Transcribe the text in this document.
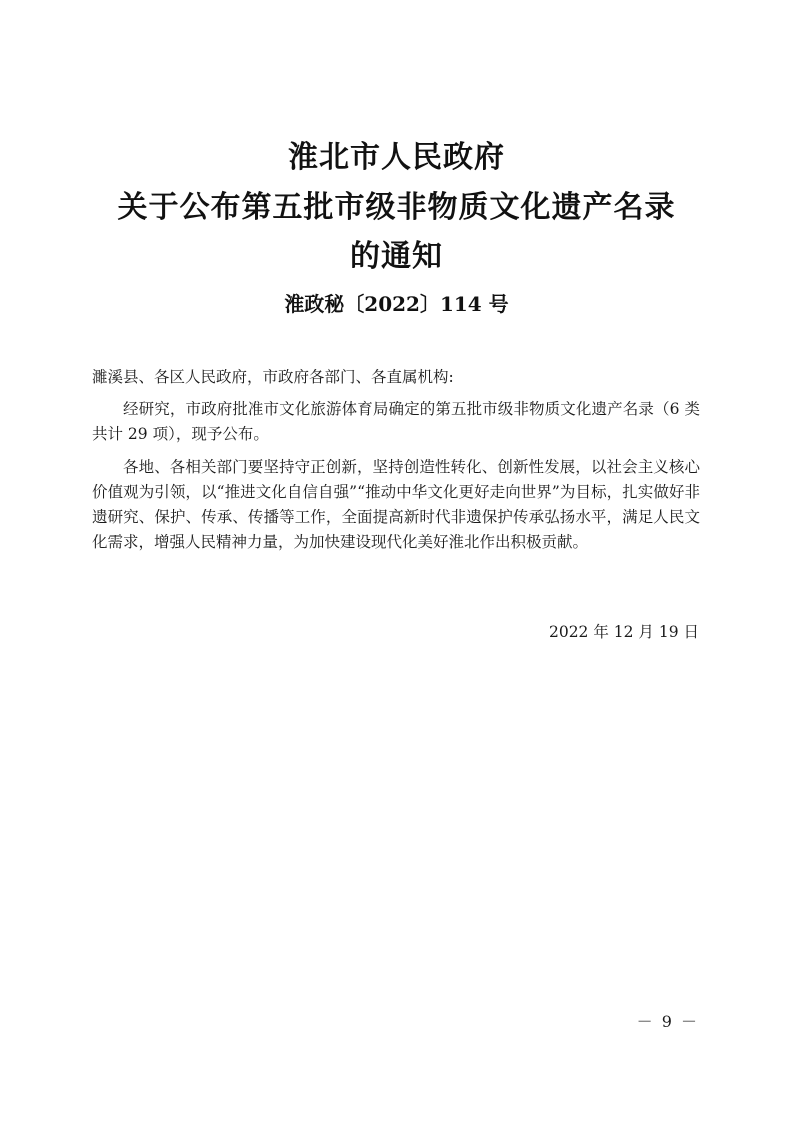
淮北市人民政府
关于公布第五批市级非物质文化遗产名录
的通知
淮政秘〔2022〕114 号
濉溪县、各区人民政府，市政府各部门、各直属机构:
经研究，市政府批准市文化旅游体育局确定的第五批市级非物质文化遗产名录（6 类共计 29 项），现予公布。
各地、各相关部门要坚持守正创新，坚持创造性转化、创新性发展，以社会主义核心价值观为引领，以“推进文化自信自强”“推动中华文化更好走向世界”为目标，扎实做好非遗研究、保护、传承、传播等工作，全面提高新时代非遗保护传承弘扬水平，满足人民文化需求，增强人民精神力量，为加快建设现代化美好淮北作出积极贡献。
2022 年 12 月 19 日
－ 9 －
